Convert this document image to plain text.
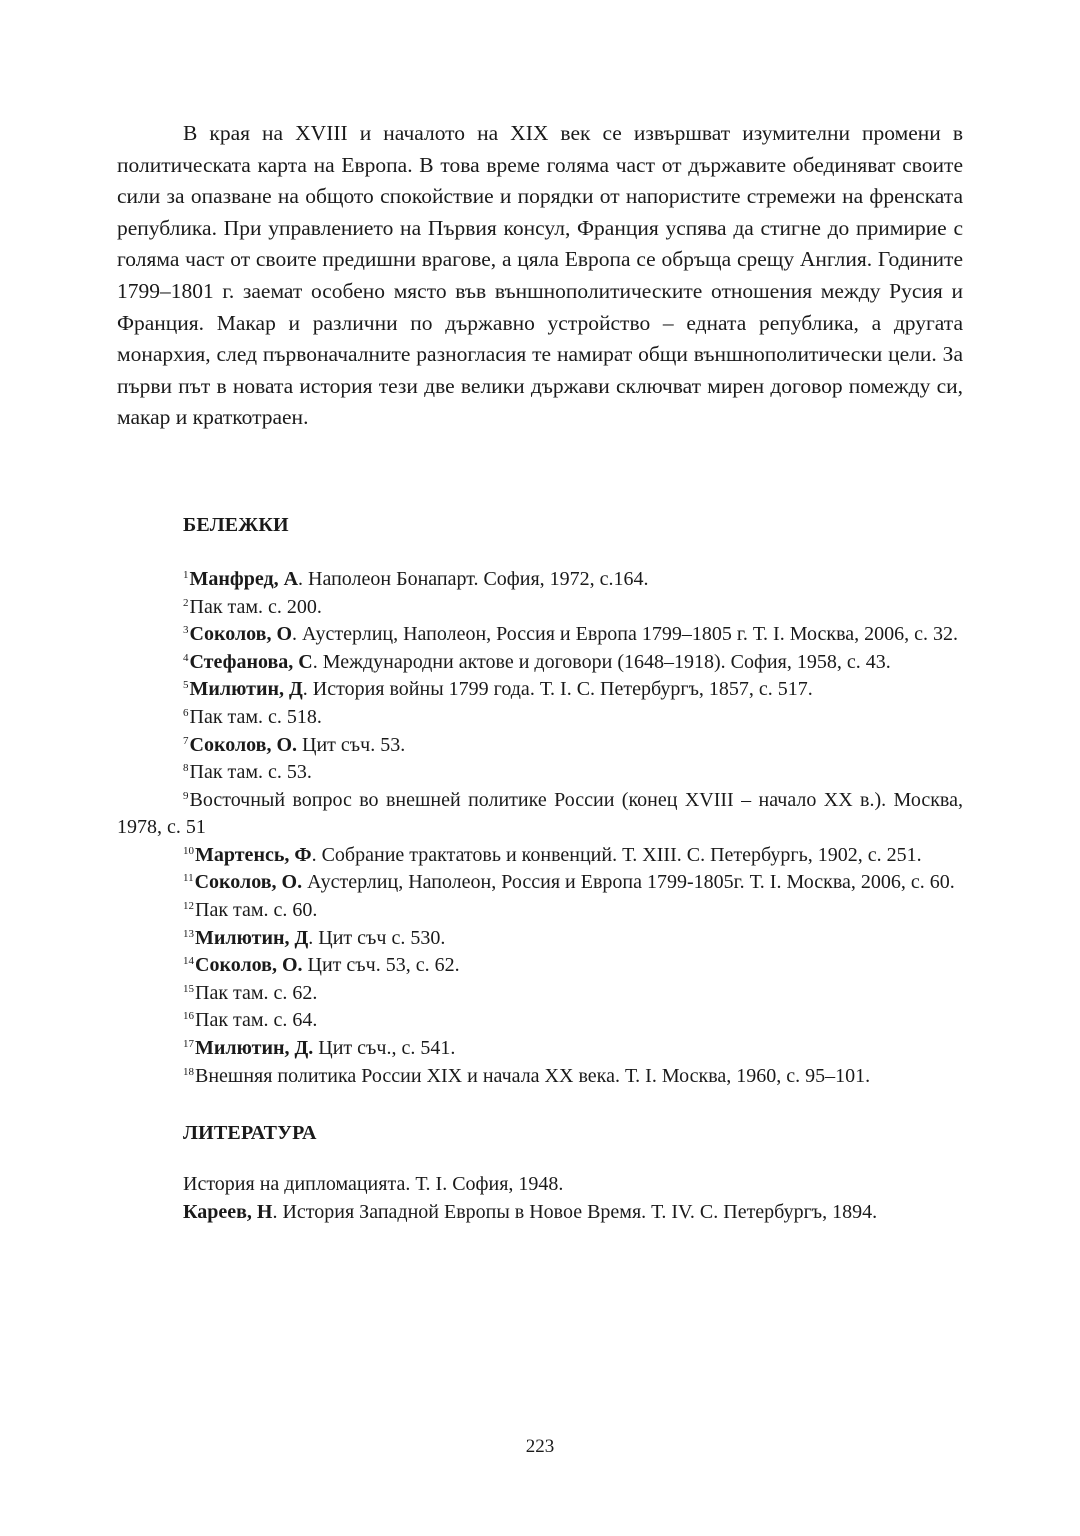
В края на XVIII и началото на XIX век се извършват изумителни промени в политическата карта на Европа. В това време голяма част от държавите обединяват своите сили за опазване на общото спокойствие и порядки от напористите стремежи на френската република. При управлението на Първия консул, Франция успява да стигне до примирие с голяма част от своите предишни врагове, а цяла Европа се обръща срещу Англия. Годините 1799–1801 г. заемат особено място във външнополитическите отношения между Русия и Франция. Макар и различни по държавно устройство – едната република, а другата монархия, след първоначалните разногласия те намират общи външнополитически цели. За първи път в новата история тези две велики държави сключват мирен договор помежду си, макар и краткотраен.

БЕЛЕЖКИ

$^1$Манфред, А. Наполеон Бонапарт. София, 1972, с.164.

$^2$Пак там. с. 200.

$^3$Соколов, О. Аустерлиц, Наполеон, Россия и Европа 1799–1805 г. Т. I. Москва, 2006, с. 32.

$^4$Стефанова, С. Международни актове и договори (1648–1918). София, 1958, с. 43.

$^5$Милютин, Д. История войны 1799 года. Т. I. С. Петербургъ, 1857, с. 517.

$^6$Пак там. с. 518.

$^7$Соколов, О. Цит съч. 53.

$^8$Пак там. с. 53.

$^9$Восточный вопрос во внешней политике России (конец XVIII – начало XX в.). Москва, 1978, с. 51

$^{10}$Мартенсь, Ф. Собрание трактатовь и конвенций. Т. XIII. С. Петербургь, 1902, с. 251.

$^{11}$Соколов, О. Аустерлиц, Наполеон, Россия и Европа 1799-1805г. Т. I. Москва, 2006, с. 60.

$^{12}$Пак там. с. 60.

$^{13}$Милютин, Д. Цит съч с. 530.

$^{14}$Соколов, О. Цит съч. 53, с. 62.

$^{15}$Пак там. с. 62.

$^{16}$Пак там. с. 64.

$^{17}$Милютин, Д. Цит съч., с. 541.

$^{18}$Внешняя политика России XIX и начала XX века. Т. I. Москва, 1960, с. 95–101.

ЛИТЕРАТУРА

История на дипломацията. Т. I. София, 1948.

Кареев, Н. История Западной Европы в Новое Время. Т. IV. С. Петербургъ, 1894.

223
